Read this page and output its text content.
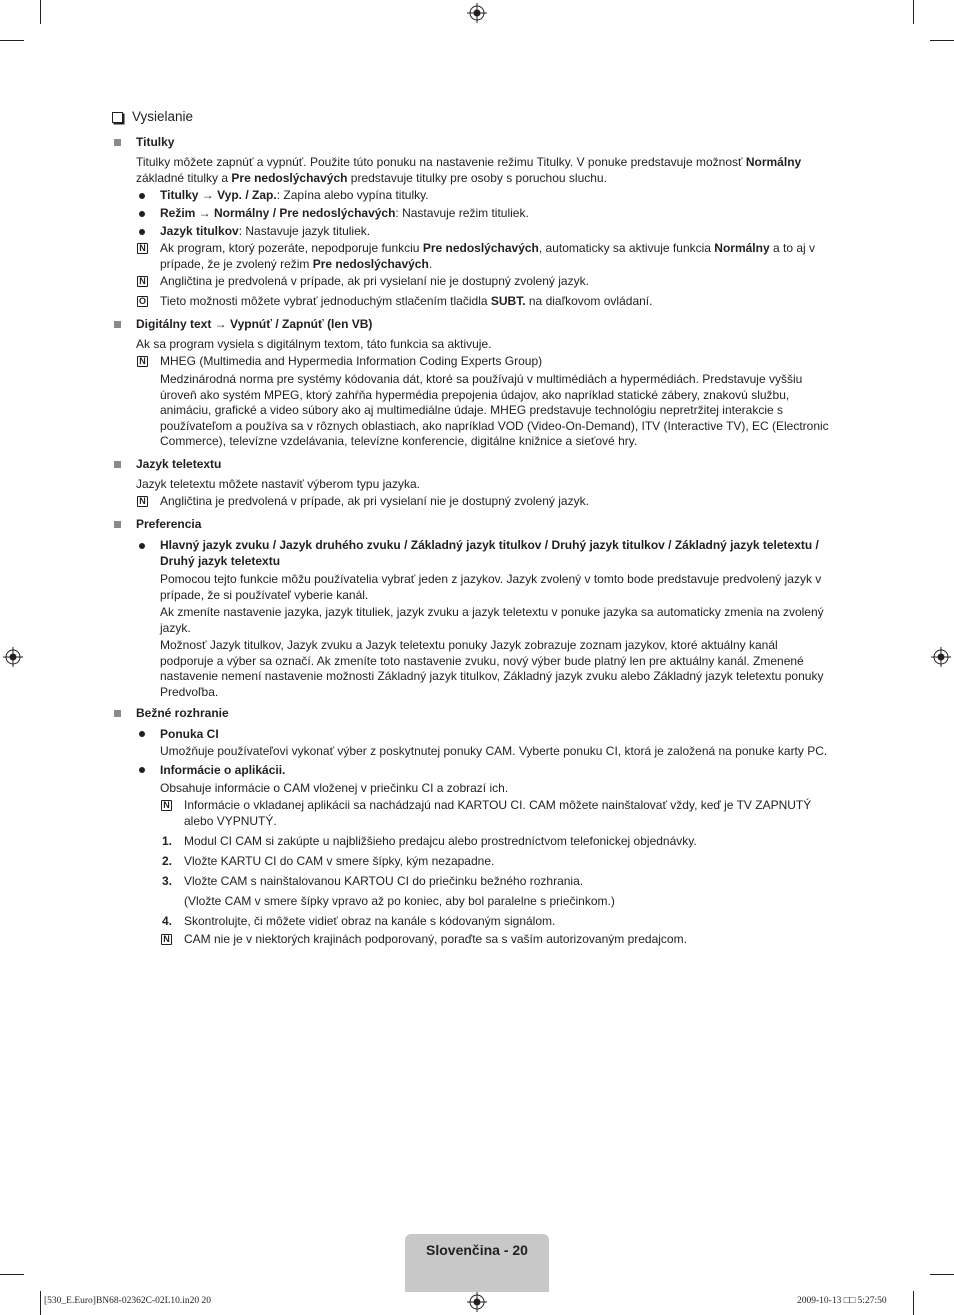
Vysielanie
Titulky
Titulky môžete zapnúť a vypnúť. Použite túto ponuku na nastavenie režimu Titulky. V ponuke predstavuje možnosť Normálny
základné titulky a Pre nedoslýchavých predstavuje titulky pre osoby s poruchou sluchu.
Titulky → Vyp. / Zap.: Zapína alebo vypína titulky.
Režim → Normálny / Pre nedoslýchavých: Nastavuje režim tituliek.
Jazyk titulkov: Nastavuje jazyk tituliek.
N Ak program, ktorý pozeráte, nepodporuje funkciu Pre nedoslýchavých, automaticky sa aktivuje funkcia Normálny a to aj v
prípade, že je zvolený režim Pre nedoslýchavých.
N Angličtina je predvolená v prípade, ak pri vysielaní nie je dostupný zvolený jazyk.
O Tieto možnosti môžete vybrať jednoduchým stlačením tlačidla SUBT. na diaľkovom ovládaní.
Digitálny text → Vypnúť / Zapnúť (len VB)
Ak sa program vysiela s digitálnym textom, táto funkcia sa aktivuje.
N MHEG (Multimedia and Hypermedia Information Coding Experts Group)
Medzinárodná norma pre systémy kódovania dát, ktoré sa používajú v multimédiách a hypermédiách. Predstavuje vyššiu
úroveň ako systém MPEG, ktorý zahŕňa hypermédia prepojenia údajov, ako napríklad statické zábery, znakovú službu,
animáciu, grafické a video súbory ako aj multimediálne údaje. MHEG predstavuje technológiu nepretržitej interakcie s
používateľom a používa sa v rôznych oblastiach, ako napríklad VOD (Video-On-Demand), ITV (Interactive TV), EC (Electronic
Commerce), televízne vzdelávania, televízne konferencie, digitálne knižnice a sieťové hry.
Jazyk teletextu
Jazyk teletextu môžete nastaviť výberom typu jazyka.
N Angličtina je predvolená v prípade, ak pri vysielaní nie je dostupný zvolený jazyk.
Preferencia
Hlavný jazyk zvuku / Jazyk druhého zvuku / Základný jazyk titulkov / Druhý jazyk titulkov / Základný jazyk teletextu /
Druhý jazyk teletextu
Pomocou tejto funkcie môžu používatelia vybrať jeden z jazykov. Jazyk zvolený v tomto bode predstavuje predvolený jazyk v
prípade, že si používateľ vyberie kanál.
Ak zmeníte nastavenie jazyka, jazyk tituliek, jazyk zvuku a jazyk teletextu v ponuke jazyka sa automaticky zmenia na zvolený
jazyk.
Možnosť Jazyk titulkov, Jazyk zvuku a Jazyk teletextu ponuky Jazyk zobrazuje zoznam jazykov, ktoré aktuálny kanál
podporuje a výber sa označí. Ak zmeníte toto nastavenie zvuku, nový výber bude platný len pre aktuálny kanál. Zmenené
nastavenie nemení nastavenie možnosti Základný jazyk titulkov, Základný jazyk zvuku alebo Základný jazyk teletextu ponuky
Predvoľba.
Bežné rozhranie
Ponuka CI
Umožňuje používateľovi vykonať výber z poskytnutej ponuky CAM. Vyberte ponuku CI, ktorá je založená na ponuke karty PC.
Informácie o aplikácii.
Obsahuje informácie o CAM vloženej v priečinku CI a zobrazí ich.
N Informácie o vkladanej aplikácii sa nachádzajú nad KARTOU CI. CAM môžete nainštalovať vždy, keď je TV ZAPNUTÝ
alebo VYPNUTÝ.
1. Modul CI CAM si zakúpte u najbližšieho predajcu alebo prostredníctvom telefonickej objednávky.
2. Vložte KARTU CI do CAM v smere šípky, kým nezapadne.
3. Vložte CAM s nainštalovanou KARTOU CI do priečinku bežného rozhrania.
(Vložte CAM v smere šípky vpravo až po koniec, aby bol paralelne s priečinkom.)
4. Skontrolujte, či môžete vidieť obraz na kanále s kódovaným signálom.
N CAM nie je v niektorých krajinách podporovaný, poraďte sa s vaším autorizovaným predajcom.
Slovenčina - 20
[530_E.Euro]BN68-02362C-02L10.in20 20	2009-10-13 □□ 5:27:50
